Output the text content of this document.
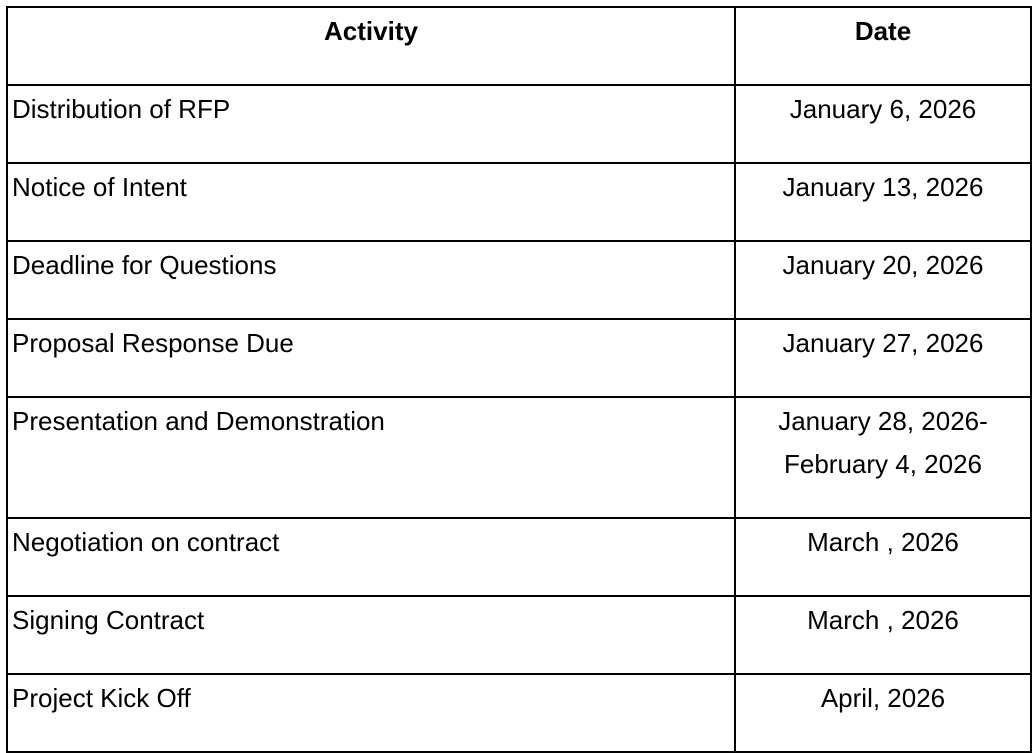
Activity	Date
Distribution of RFP	January 6, 2026

Notice of Intent	January 13, 2026

Deadline for Questions	January 20, 2026

Proposal Response Due	January 27, 2026

Presentation and Demonstration	January 28, 2026-
February 4, 2026

Negotiation on contract	March , 2026

Signing Contract	March , 2026

Project Kick Off	April, 2026
